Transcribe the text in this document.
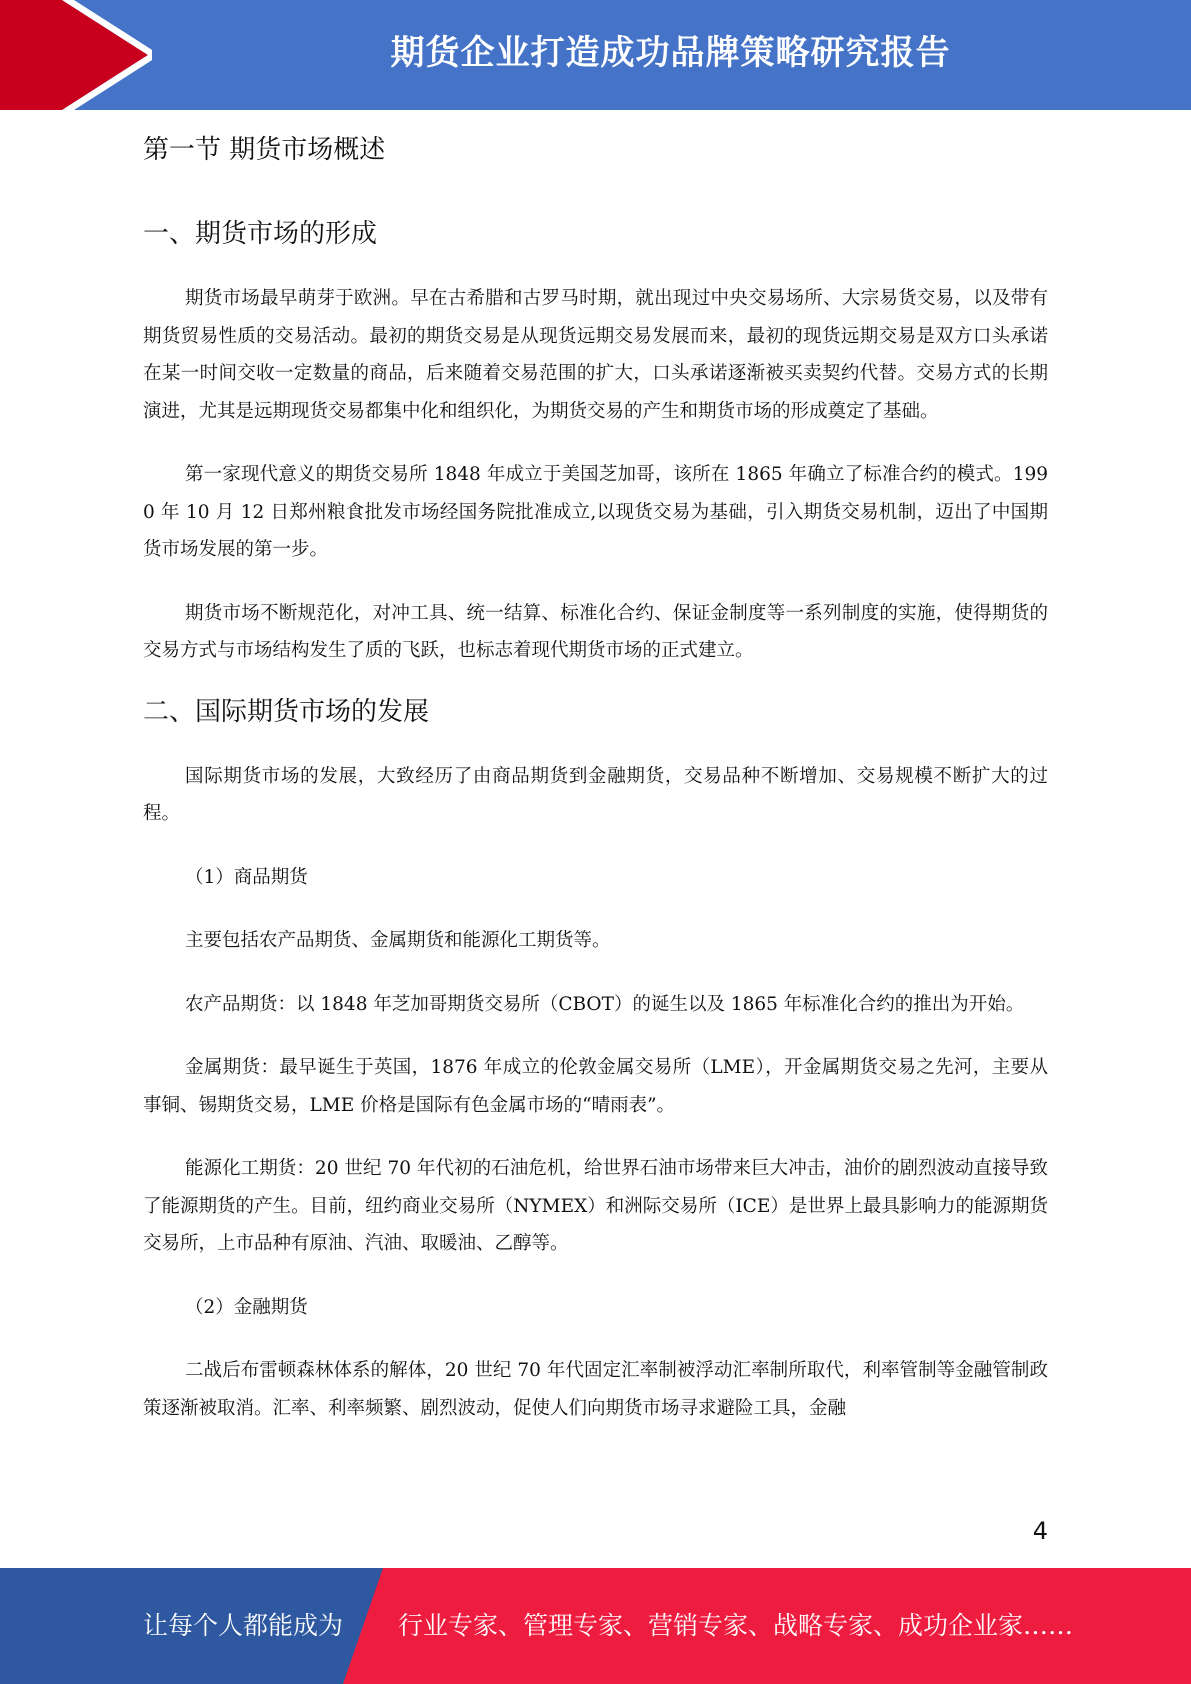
期货企业打造成功品牌策略研究报告
第一节 期货市场概述
一、期货市场的形成

期货市场最早萌芽于欧洲。早在古希腊和古罗马时期，就出现过中央交易场所、大宗易货交易，以及带有期货贸易性质的交易活动。最初的期货交易是从现货远期交易发展而来，最初的现货远期交易是双方口头承诺在某一时间交收一定数量的商品，后来随着交易范围的扩大，口头承诺逐渐被买卖契约代替。交易方式的长期演进，尤其是远期现货交易都集中化和组织化，为期货交易的产生和期货市场的形成奠定了基础。

第一家现代意义的期货交易所 1848 年成立于美国芝加哥，该所在 1865 年确立了标准合约的模式。1990 年 10 月 12 日郑州粮食批发市场经国务院批准成立,以现货交易为基础，引入期货交易机制，迈出了中国期货市场发展的第一步。

期货市场不断规范化，对冲工具、统一结算、标准化合约、保证金制度等一系列制度的实施，使得期货的交易方式与市场结构发生了质的飞跃，也标志着现代期货市场的正式建立。

二、国际期货市场的发展

国际期货市场的发展，大致经历了由商品期货到金融期货，交易品种不断增加、交易规模不断扩大的过程。

（1）商品期货

主要包括农产品期货、金属期货和能源化工期货等。

农产品期货：以 1848 年芝加哥期货交易所（CBOT）的诞生以及 1865 年标准化合约的推出为开始。

金属期货：最早诞生于英国，1876 年成立的伦敦金属交易所（LME），开金属期货交易之先河，主要从事铜、锡期货交易，LME 价格是国际有色金属市场的“晴雨表”。

能源化工期货：20 世纪 70 年代初的石油危机，给世界石油市场带来巨大冲击，油价的剧烈波动直接导致了能源期货的产生。目前，纽约商业交易所（NYMEX）和洲际交易所（ICE）是世界上最具影响力的能源期货交易所，上市品种有原油、汽油、取暖油、乙醇等。

（2）金融期货

二战后布雷顿森林体系的解体，20 世纪 70 年代固定汇率制被浮动汇率制所取代，利率管制等金融管制政策逐渐被取消。汇率、利率频繁、剧烈波动，促使人们向期货市场寻求避险工具，金融

4
让每个人都能成为 行业专家、管理专家、营销专家、战略专家、成功企业家……
